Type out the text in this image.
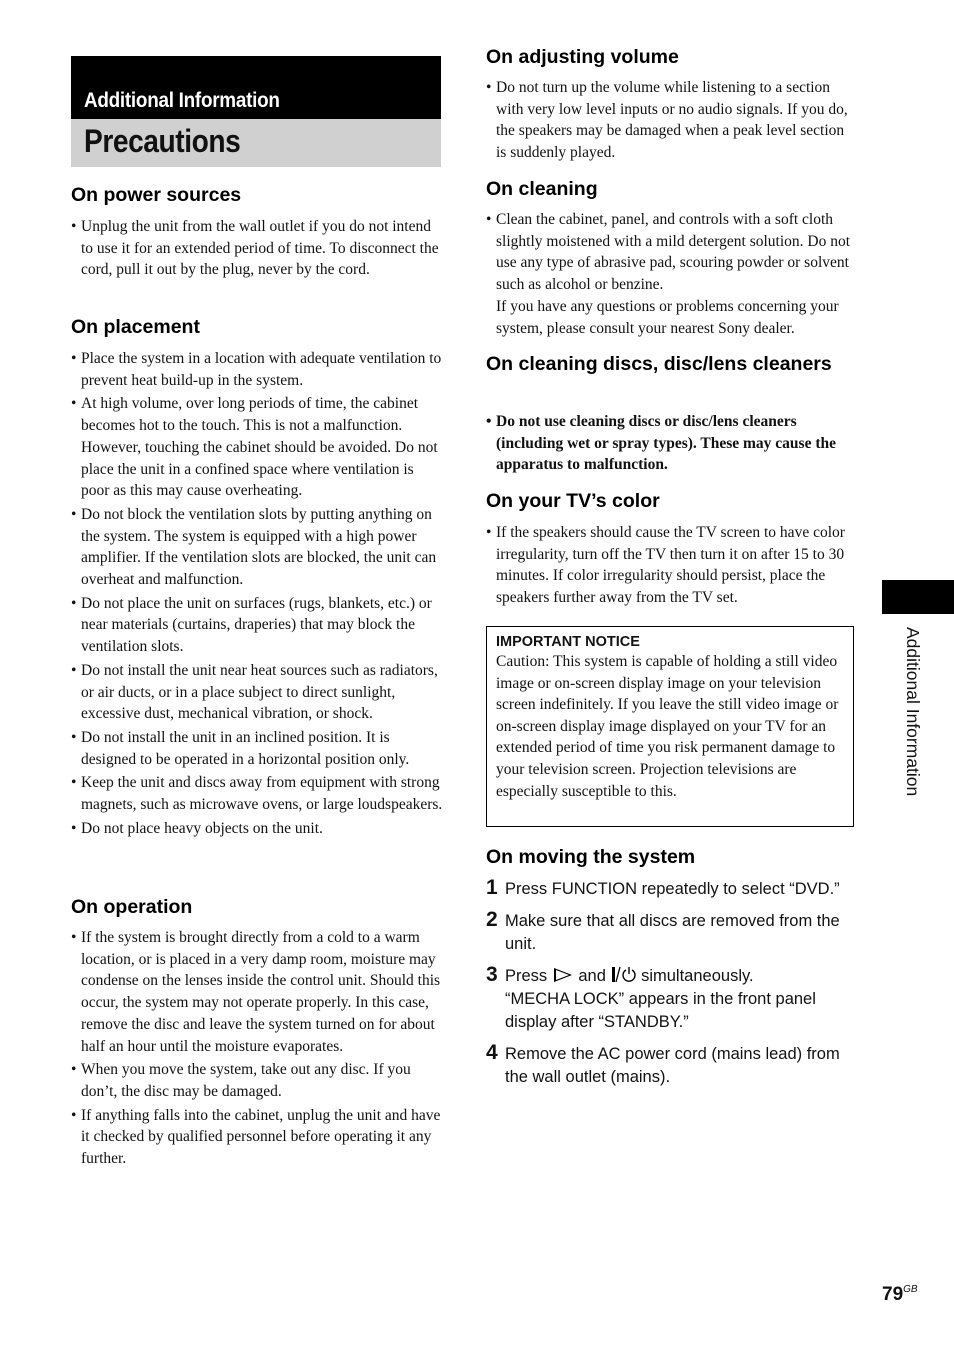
Additional Information
Precautions
On power sources
• Unplug the unit from the wall outlet if you do not intend to use it for an extended period of time. To disconnect the cord, pull it out by the plug, never by the cord.
On placement
• Place the system in a location with adequate ventilation to prevent heat build-up in the system.
• At high volume, over long periods of time, the cabinet becomes hot to the touch. This is not a malfunction. However, touching the cabinet should be avoided. Do not place the unit in a confined space where ventilation is poor as this may cause overheating.
• Do not block the ventilation slots by putting anything on the system. The system is equipped with a high power amplifier. If the ventilation slots are blocked, the unit can overheat and malfunction.
• Do not place the unit on surfaces (rugs, blankets, etc.) or near materials (curtains, draperies) that may block the ventilation slots.
• Do not install the unit near heat sources such as radiators, or air ducts, or in a place subject to direct sunlight, excessive dust, mechanical vibration, or shock.
• Do not install the unit in an inclined position. It is designed to be operated in a horizontal position only.
• Keep the unit and discs away from equipment with strong magnets, such as microwave ovens, or large loudspeakers.
• Do not place heavy objects on the unit.
On operation
• If the system is brought directly from a cold to a warm location, or is placed in a very damp room, moisture may condense on the lenses inside the control unit. Should this occur, the system may not operate properly. In this case, remove the disc and leave the system turned on for about half an hour until the moisture evaporates.
• When you move the system, take out any disc. If you don’t, the disc may be damaged.
• If anything falls into the cabinet, unplug the unit and have it checked by qualified personnel before operating it any further.
On adjusting volume
• Do not turn up the volume while listening to a section with very low level inputs or no audio signals. If you do, the speakers may be damaged when a peak level section is suddenly played.
On cleaning
• Clean the cabinet, panel, and controls with a soft cloth slightly moistened with a mild detergent solution. Do not use any type of abrasive pad, scouring powder or solvent such as alcohol or benzine.
If you have any questions or problems concerning your system, please consult your nearest Sony dealer.
On cleaning discs, disc/lens cleaners
• Do not use cleaning discs or disc/lens cleaners (including wet or spray types). These may cause the apparatus to malfunction.
On your TV’s color
• If the speakers should cause the TV screen to have color irregularity, turn off the TV then turn it on after 15 to 30 minutes. If color irregularity should persist, place the speakers further away from the TV set.
IMPORTANT NOTICE
Caution: This system is capable of holding a still video image or on-screen display image on your television screen indefinitely. If you leave the still video image or on-screen display image displayed on your TV for an extended period of time you risk permanent damage to your television screen. Projection televisions are especially susceptible to this.
On moving the system
1 Press FUNCTION repeatedly to select “DVD.”
2 Make sure that all discs are removed from the unit.
3 Press and simultaneously.
“MECHA LOCK” appears in the front panel display after “STANDBY.”
4 Remove the AC power cord (mains lead) from the wall outlet (mains).
Additional Information
$79^{GB}$
